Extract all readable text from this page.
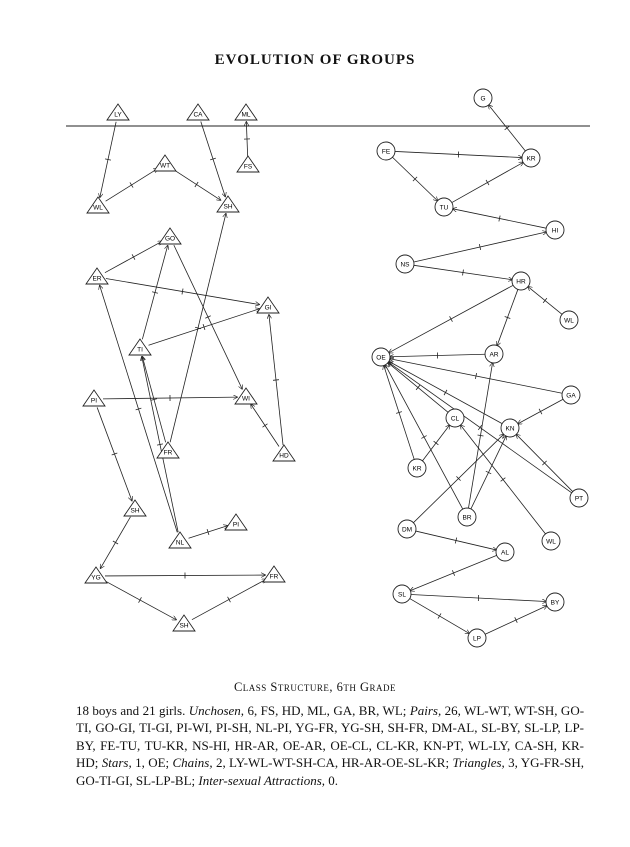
EVOLUTION OF GROUPS
LY	CA	ML
WT	FS
WL	SH
GO
ER
GI
TI
PI	WI
FR	HD
SH
PI
NL
YG	FR
SH
G
FE
KR
TU
HI
NS
HR
WL
OE	AR
GA
CL
KN
KR
PT
BR
DM
WL
AL
SL
BY
LP
Class Structure, 6th Grade
18 boys and 21 girls. Unchosen, 6, FS, HD, ML, GA, BR, WL; Pairs, 26, WL-WT, WT-SH, GO-TI, GO-GI, TI-GI, PI-WI, PI-SH, NL-PI, YG-FR, YG-SH, SH-FR, DM-AL, SL-BY, SL-LP, LP-BY, FE-TU, TU-KR, NS-HI, HR-AR, OE-AR, OE-CL, CL-KR, KN-PT, WL-LY, CA-SH, KR-HD; Stars, 1, OE; Chains, 2, LY-WL-WT-SH-CA, HR-AR-OE-SL-KR; Triangles, 3, YG-FR-SH, GO-TI-GI, SL-LP-BL; Inter-sexual Attractions, 0.
